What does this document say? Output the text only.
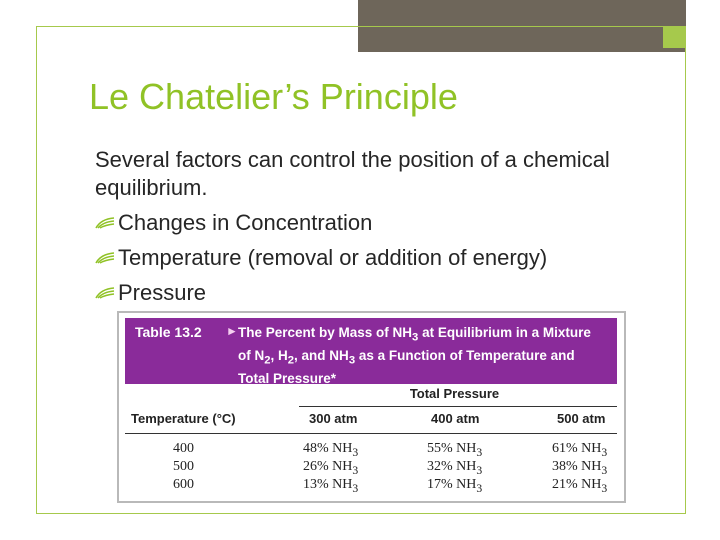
Le Chatelier’s Principle

Several factors can control the position of a chemical equilibrium.

Changes in Concentration
Temperature (removal or addition of energy)
Pressure
Table 13.2 ► The Percent by Mass of $NH_3$ at Equilibrium in a Mixture
of $N_2$, $H_2$, and $NH_3$ as a Function of Temperature and
Total Pressure*
Total Pressure
Temperature (°C)	300 atm	400 atm	500 atm
400	48% $NH_3$	55% $NH_3$	61% $NH_3$
500	26% $NH_3$	32% $NH_3$	38% $NH_3$
600	13% $NH_3$	17% $NH_3$	21% $NH_3$
